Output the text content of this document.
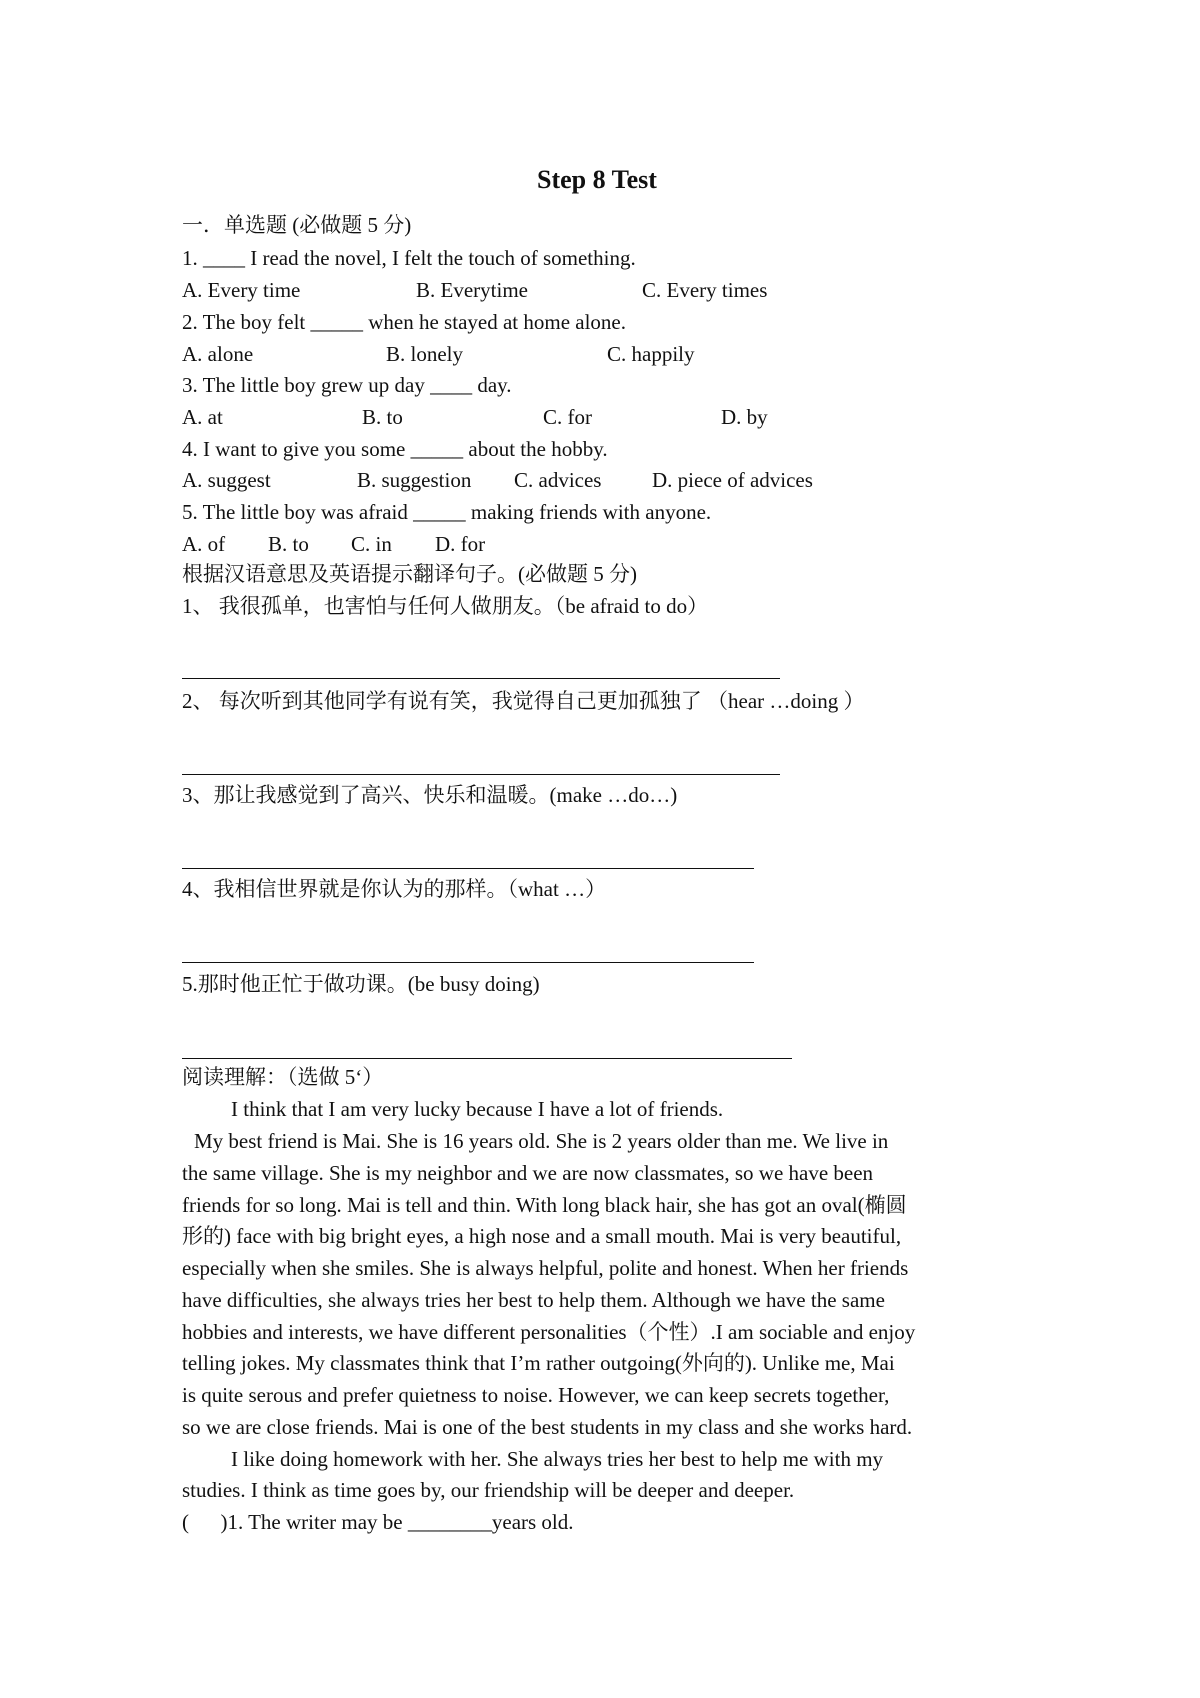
Step 8 Test
一．单选题 (必做题 5 分)
1. ____ I read the novel, I felt the touch of something.
A. Every time	B. Everytime	C. Every times
2. The boy felt _____ when he stayed at home alone.
A. alone	B. lonely	C. happily
3. The little boy grew up day ____ day.
A. at	B. to	C. for	D. by
4. I want to give you some _____ about the hobby.
A. suggest	B. suggestion C. advices D. piece of advices
5. The little boy was afraid _____ making friends with anyone.
A. of B. to C. in D. for
根据汉语意思及英语提示翻译句子。(必做题 5 分)
1、 我很孤单，也害怕与任何人做朋友。（be afraid to do）
2、 每次听到其他同学有说有笑，我觉得自己更加孤独了 （hear …doing ）
3、那让我感觉到了高兴、快乐和温暖。(make …do…)
4、我相信世界就是你认为的那样。（what …）
5.那时他正忙于做功课。(be busy doing)
阅读理解：（选做 5‘）
I think that I am very lucky because I have a lot of friends.
My best friend is Mai. She is 16 years old. She is 2 years older than me. We live in
the same village. She is my neighbor and we are now classmates, so we have been
friends for so long. Mai is tell and thin. With long black hair, she has got an oval(椭圆
形的) face with big bright eyes, a high nose and a small mouth. Mai is very beautiful,
especially when she smiles. She is always helpful, polite and honest. When her friends
have difficulties, she always tries her best to help them. Although we have the same
hobbies and interests, we have different personalities（个性）.I am sociable and enjoy
telling jokes. My classmates think that I’m rather outgoing(外向的). Unlike me, Mai
is quite serous and prefer quietness to noise. However, we can keep secrets together,
so we are close friends. Mai is one of the best students in my class and she works hard.
I like doing homework with her. She always tries her best to help me with my
studies. I think as time goes by, our friendship will be deeper and deeper.
(      )1. The writer may be ________years old.
